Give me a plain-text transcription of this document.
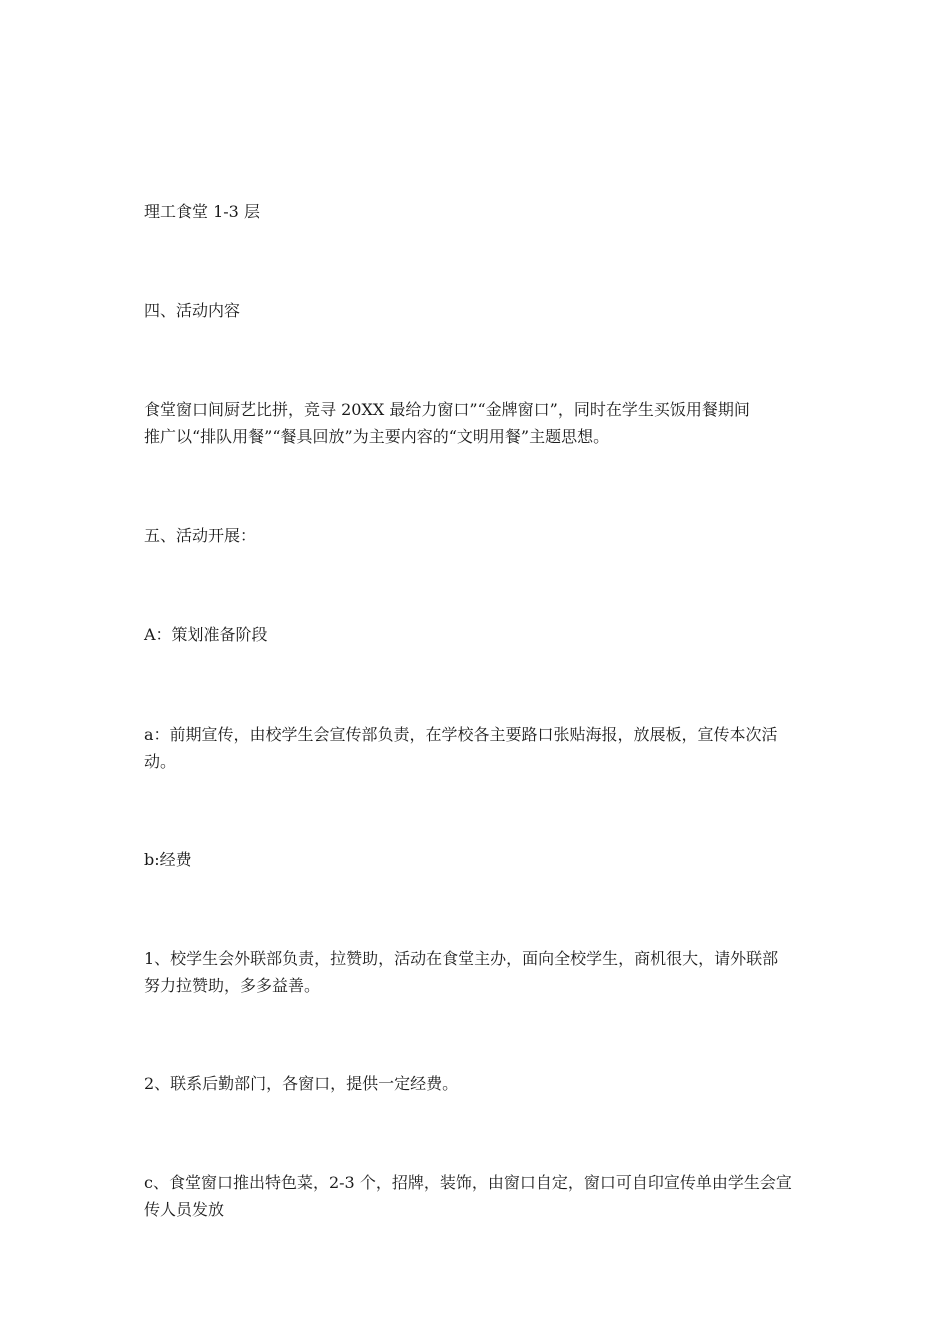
理工食堂 1-3 层

四、活动内容

食堂窗口间厨艺比拼，竞寻 20XX 最给力窗口”“金牌窗口”，同时在学生买饭用餐期间
推广以“排队用餐”“餐具回放”为主要内容的“文明用餐”主题思想。

五、活动开展：

A：策划准备阶段

a：前期宣传，由校学生会宣传部负责，在学校各主要路口张贴海报，放展板，宣传本次活
动。

b:经费

1、校学生会外联部负责，拉赞助，活动在食堂主办，面向全校学生，商机很大，请外联部
努力拉赞助，多多益善。

2、联系后勤部门，各窗口，提供一定经费。

c、食堂窗口推出特色菜，2-3 个，招牌，装饰，由窗口自定，窗口可自印宣传单由学生会宣
传人员发放
